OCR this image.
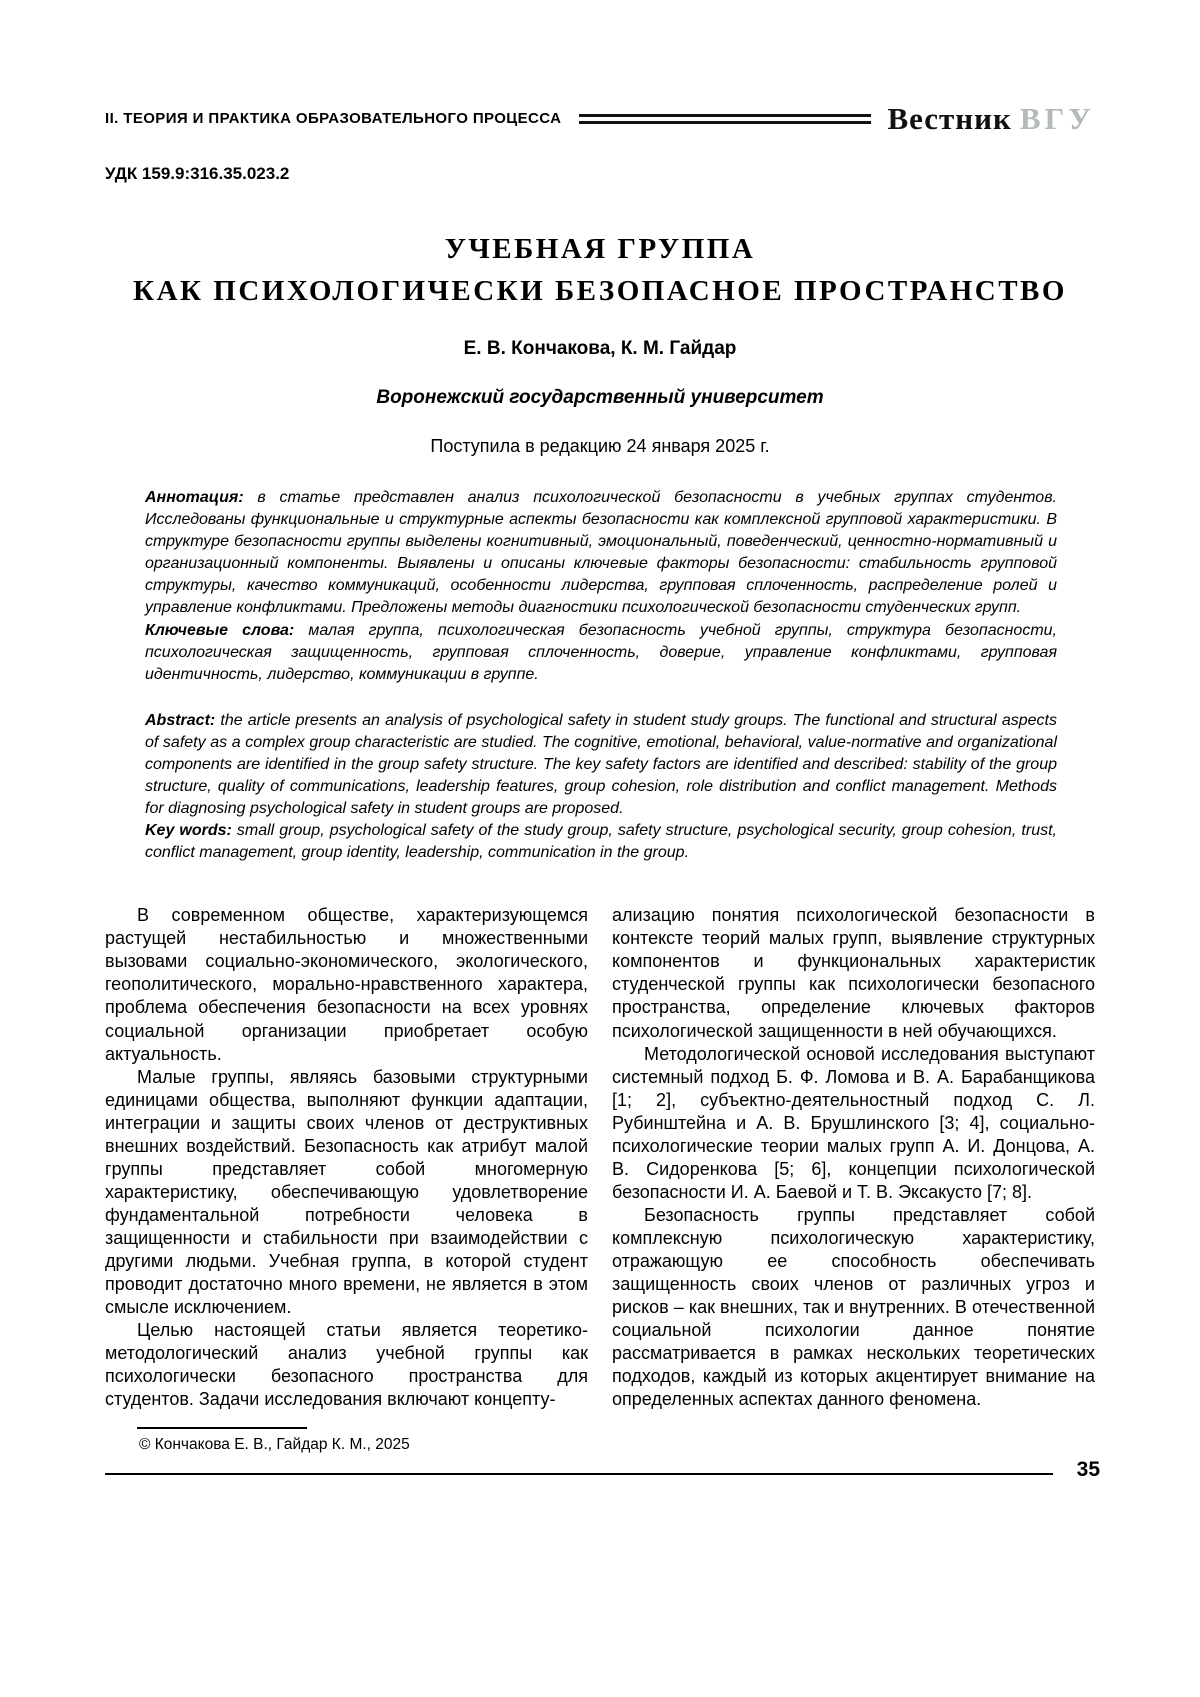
II. ТЕОРИЯ И ПРАКТИКА ОБРАЗОВАТЕЛЬНОГО ПРОЦЕССА	Вестник ВГУ
УДК 159.9:316.35.023.2
УЧЕБНАЯ ГРУППА
КАК ПСИХОЛОГИЧЕСКИ БЕЗОПАСНОЕ ПРОСТРАНСТВО
Е. В. Кончакова, К. М. Гайдар
Воронежский государственный университет
Поступила в редакцию 24 января 2025 г.

Аннотация: в статье представлен анализ психологической безопасности в учебных группах студентов. Исследованы функциональные и структурные аспекты безопасности как комплексной групповой характеристики. В структуре безопасности группы выделены когнитивный, эмоциональный, поведенческий, ценностно-нормативный и организационный компоненты. Выявлены и описаны ключевые факторы безопасности: стабильность групповой структуры, качество коммуникаций, особенности лидерства, групповая сплоченность, распределение ролей и управление конфликтами. Предложены методы диагностики психологической безопасности студенческих групп.

Ключевые слова: малая группа, психологическая безопасность учебной группы, структура безопасности, психологическая защищенность, групповая сплоченность, доверие, управление конфликтами, групповая идентичность, лидерство, коммуникации в группе.

Abstract: the article presents an analysis of psychological safety in student study groups. The functional and structural aspects of safety as a complex group characteristic are studied. The cognitive, emotional, behavioral, value-normative and organizational components are identified in the group safety structure. The key safety factors are identified and described: stability of the group structure, quality of communications, leadership features, group cohesion, role distribution and conflict management. Methods for diagnosing psychological safety in student groups are proposed.

Key words: small group, psychological safety of the study group, safety structure, psychological security, group cohesion, trust, conflict management, group identity, leadership, communication in the group.

В современном обществе, характеризующемся растущей нестабильностью и множественными вызовами социально-экономического, экологического, геополитического, морально-нравственного характера, проблема обеспечения безопасности на всех уровнях социальной организации приобретает особую актуальность.

Малые группы, являясь базовыми структурными единицами общества, выполняют функции адаптации, интеграции и защиты своих членов от деструктивных внешних воздействий. Безопасность как атрибут малой группы представляет собой многомерную характеристику, обеспечивающую удовлетворение фундаментальной потребности человека в защищенности и стабильности при взаимодействии с другими людьми. Учебная группа, в которой студент проводит достаточно много времени, не является в этом смысле исключением.

Целью настоящей статьи является теоретико-методологический анализ учебной группы как психологически безопасного пространства для студентов. Задачи исследования включают концепту-

© Кончакова Е. В., Гайдар К. М., 2025

ализацию понятия психологической безопасности в контексте теорий малых групп, выявление структурных компонентов и функциональных характеристик студенческой группы как психологически безопасного пространства, определение ключевых факторов психологической защищенности в ней обучающихся.

Методологической основой исследования выступают системный подход Б. Ф. Ломова и В. А. Барабанщикова [1; 2], субъектно-деятельностный подход С. Л. Рубинштейна и А. В. Брушлинского [3; 4], социально-психологические теории малых групп А. И. Донцова, А. В. Сидоренкова [5; 6], концепции психологической безопасности И. А. Баевой и Т. В. Эксакусто [7; 8].

Безопасность группы представляет собой комплексную психологическую характеристику, отражающую ее способность обеспечивать защищенность своих членов от различных угроз и рисков – как внешних, так и внутренних. В отечественной социальной психологии данное понятие рассматривается в рамках нескольких теоретических подходов, каждый из которых акцентирует внимание на определенных аспектах данного феномена.

35
